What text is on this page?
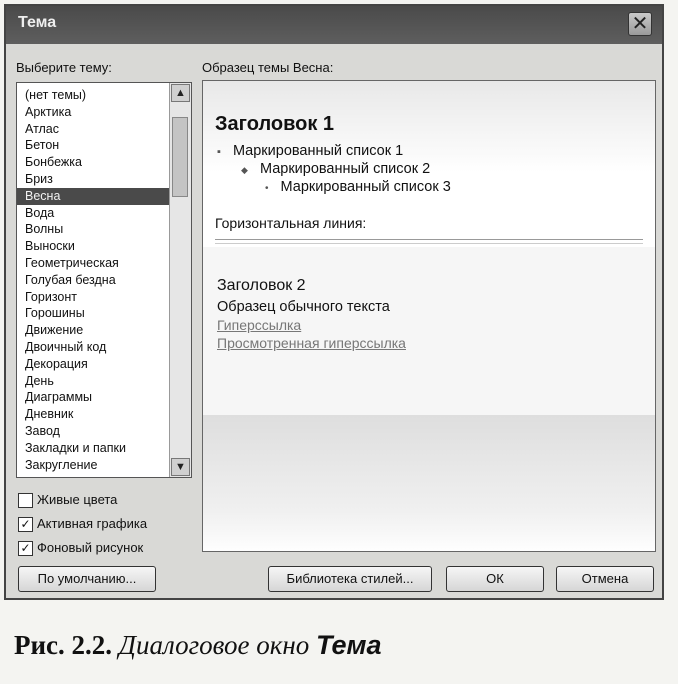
Тема	✕
Выберите тему:	Образец темы Весна:
(нет темы)
Арктика
Атлас
Бетон
Бонбежка
Бриз
Весна
Вода
Волны
Выноски
Геометрическая
Голубая бездна
Горизонт
Горошины
Движение
Двоичный код
Декорация
День
Диаграммы
Дневник
Завод
Закладки и папки
Закругление
▲
▼
Живые цвета
✓ Активная графика
✓ Фоновый рисунок
По умолчанию...
Заголовок 1
▪ Маркированный список 1
◆ Маркированный список 2
• Маркированный список 3
Горизонтальная линия:
Заголовок 2
Образец обычного текста
Гиперссылка
Просмотренная гиперссылка
Библиотека стилей...	ОК	Отмена
Рис. 2.2. Диалоговое окно Тема
